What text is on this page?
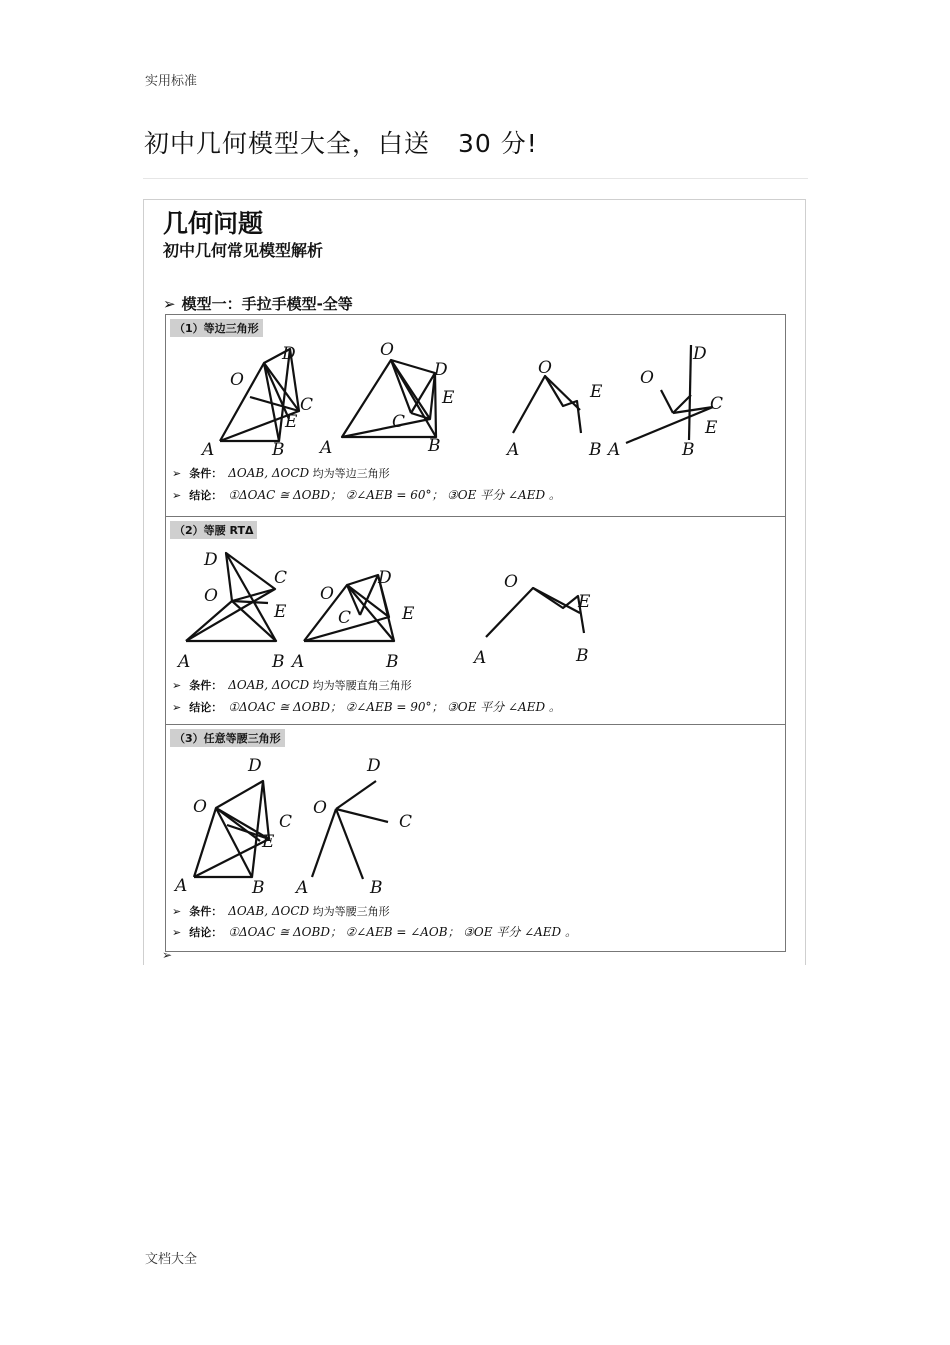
实用标准
初中几何模型大全，白送 30 分!
几何问题
初中几何常见模型解析
➢ 模型一：手拉手模型-全等
（1）等边三角形
D
O
C
E
A	B
O
D
E
C
A	B
O
E
A	B A
D
O
C
E
B
➢ 条件： ΔOAB, ΔOCD 均为等边三角形
➢ 结论： ①ΔOAC ≅ ΔOBD； ②∠AEB = 60°； ③OE 平分 ∠AED 。
（2）等腰 RTΔ
D
O
C
E
A	B
O
D
C	E
A	B
O
E
A	B
➢ 条件： ΔOAB, ΔOCD 均为等腰直角三角形
➢ 结论： ①ΔOAC ≅ ΔOBD； ②∠AEB = 90°； ③OE 平分 ∠AED 。
（3）任意等腰三角形
D
O
C
E
A	B
D
O
C
A	B
➢ 条件： ΔOAB, ΔOCD 均为等腰三角形
➢ 结论： ①ΔOAC ≅ ΔOBD； ②∠AEB = ∠AOB； ③OE 平分 ∠AED 。
➢
文档大全
